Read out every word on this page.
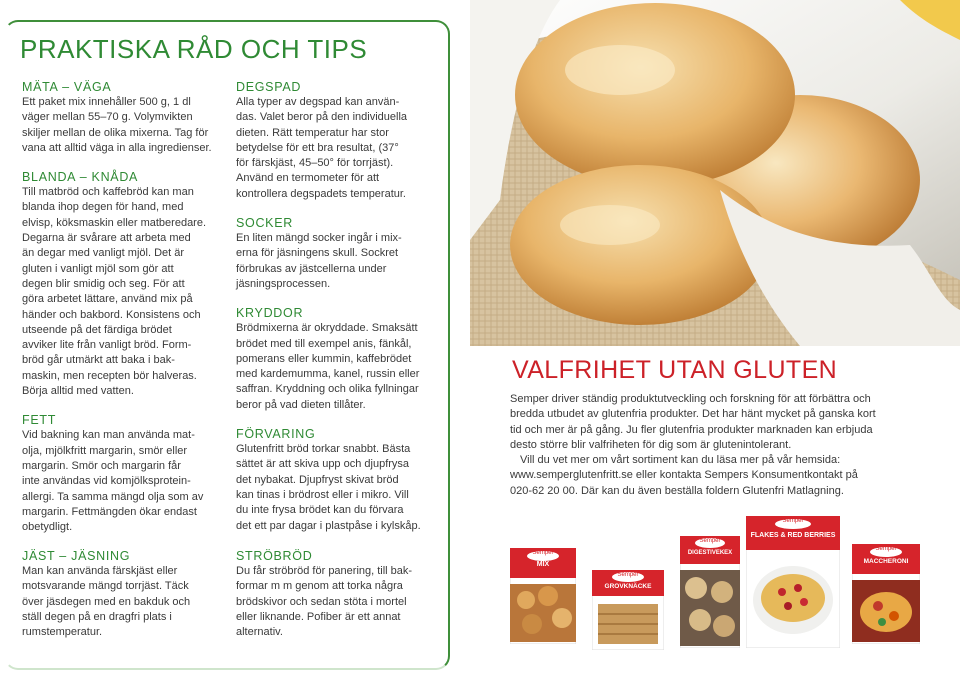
PRAKTISKA RÅD OCH TIPS
MÄTA – VÄGA

Ett paket mix innehåller 500 g, 1 dl
väger mellan 55–70 g. Volymvikten
skiljer mellan de olika mixerna. Tag för
vana att alltid väga in alla ingredienser.

BLANDA – KNÅDA

Till matbröd och kaffebröd kan man
blanda ihop degen för hand, med
elvisp, köksmaskin eller matberedare.
Degarna är svårare att arbeta med
än degar med vanligt mjöl. Det är
gluten i vanligt mjöl som gör att
degen blir smidig och seg. För att
göra arbetet lättare, använd mix på
händer och bakbord. Konsistens och
utseende på det färdiga brödet
avviker lite från vanligt bröd. Form-
bröd går utmärkt att baka i bak-
maskin, men recepten bör halveras.
Börja alltid med vatten.

FETT

Vid bakning kan man använda mat-
olja, mjölkfritt margarin, smör eller
margarin. Smör och margarin får
inte användas vid komjölksprotein-
allergi. Ta samma mängd olja som av
margarin. Fettmängden ökar endast
obetydligt.

DEGSPAD

Alla typer av degspad kan använ-
das. Valet beror på den individuella
dieten. Rätt temperatur har stor
betydelse för ett bra resultat, (37°
för färskjäst, 45–50° för torrjäst).
Använd en termometer för att
kontrollera degspadets temperatur.

SOCKER

En liten mängd socker ingår i mix-
erna för jäsningens skull. Sockret
förbrukas av jästcellerna under
jäsningsprocessen.

KRYDDOR

Brödmixerna är okryddade. Smaksätt
brödet med till exempel anis, fänkål,
pomerans eller kummin, kaffebrödet
med kardemumma, kanel, russin eller
saffran. Kryddning och olika fyllningar
beror på vad dieten tillåter.

FÖRVARING

Glutenfritt bröd torkar snabbt. Bästa
sättet är att skiva upp och djupfrysa
det nybakat. Djupfryst skivat bröd
kan tinas i brödrost eller i mikro. Vill
du inte frysa brödet kan du förvara
det ett par dagar i plastpåse i kylskåp.

JÄST – JÄSNING

Man kan använda färskjäst eller
motsvarande mängd torrjäst. Täck
över jäsdegen med en bakduk och
ställ degen på en dragfri plats i
rumstemperatur.

STRÖBRÖD

Du får ströbröd för panering, till bak-
formar m m genom att torka några
brödskivor och sedan stöta i mortel
eller liknande. Pofiber är ett annat
alternativ.

VALFRIHET UTAN GLUTEN

Semper driver ständig produktutveckling och forskning för att förbättra och
bredda utbudet av glutenfria produkter. Det har hänt mycket på ganska kort
tid och mer är på gång. Ju fler glutenfria produkter marknaden kan erbjuda
desto större blir valfriheten för dig som är glutenintolerant.

Vill du vet mer om vårt sortiment kan du läsa mer på vår hemsida:
www.semperglutenfritt.se eller kontakta Sempers Konsumentkontakt på
020-62 20 00. Där kan du även beställa foldern Glutenfri Matlagning.

Semper
MIX
Semper
GROVKNÄCKE
Semper
DIGESTIVEKEX
Semper
FLAKES & RED BERRIES
Semper
MACCHERONI
